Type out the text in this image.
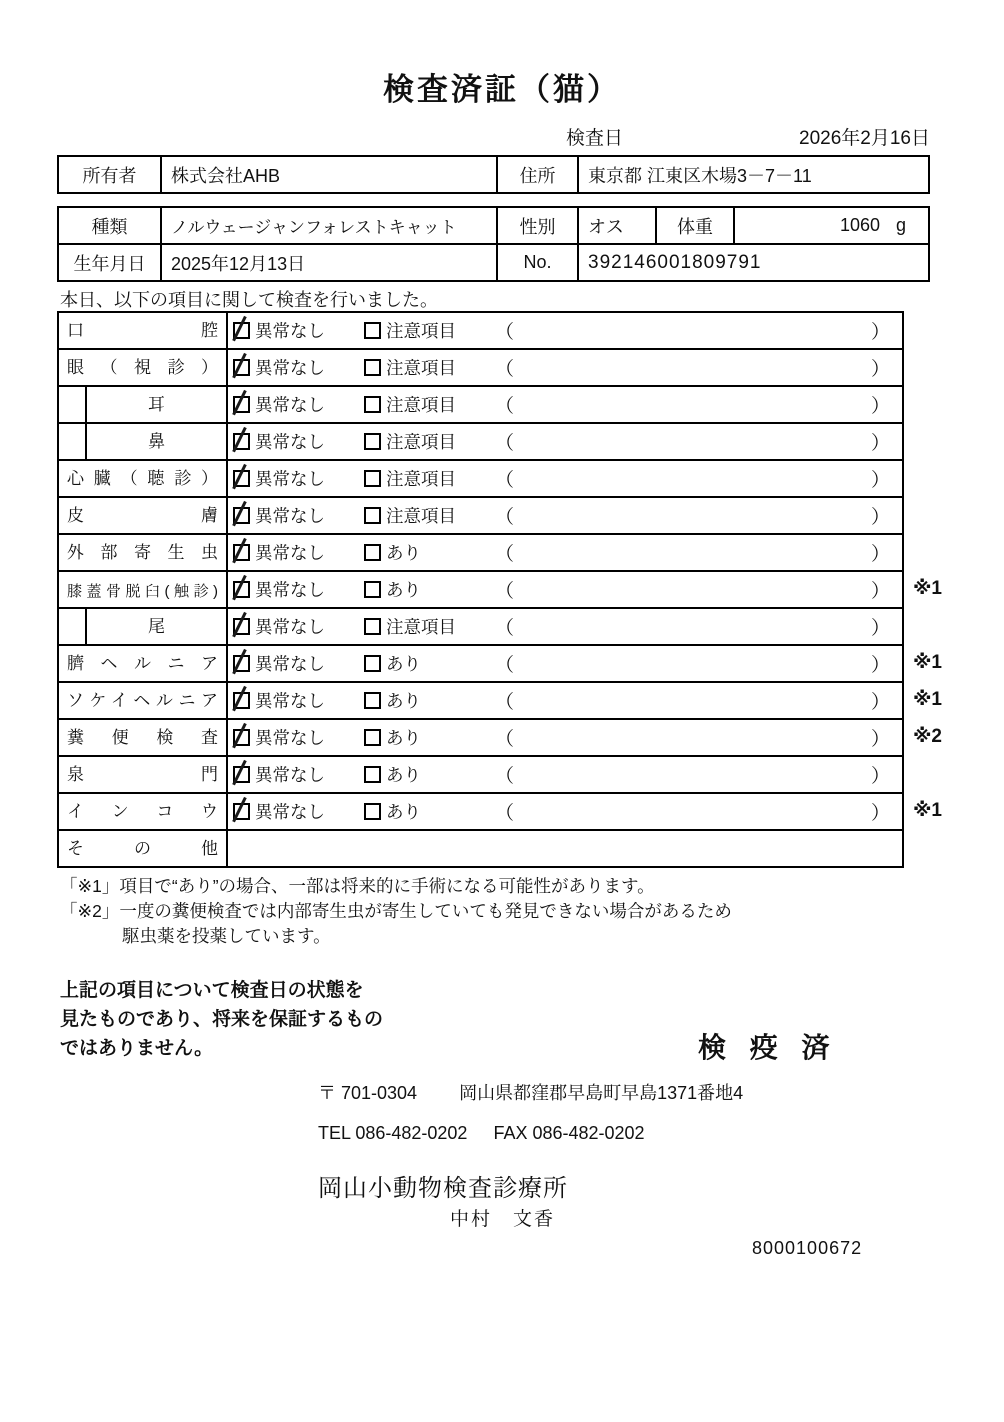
検査済証（猫）
検査日	2026年2月16日
所有者	株式会社AHB	住所	東京都 江東区木場3－7－11
種類	ノルウェージャンフォレストキャット	性別	オス	体重	1060 g
生年月日	2025年12月13日	No.	392146001809791
本日、以下の項目に関して検査を行いました。
口腔	異常なし	注意項目 （	）
眼（視診）	異常なし	注意項目 （	）
耳	異常なし	注意項目 （	）
鼻	異常なし	注意項目 （	）
心臓（聴診）	異常なし	注意項目 （	）
皮膚	異常なし	注意項目 （	）
外部寄生虫	異常なし	あり	（	）
膝蓋骨脱臼(触診)	異常なし	あり	（	） ※1
尾	異常なし	注意項目 （	）
臍ヘルニア	異常なし	あり	（	） ※1
ソケイヘルニア	異常なし	あり	（	） ※1
糞便検査	異常なし	あり	（	） ※2
泉門	異常なし	あり	（	）
インコウ	異常なし	あり	（	） ※1
その他
「※1」項目で“あり”の場合、一部は将来的に手術になる可能性があります。
「※2」一度の糞便検査では内部寄生虫が寄生していても発見できない場合があるため
駆虫薬を投薬しています。
上記の項目について検査日の状態を
見たものであり、将来を保証するもの
ではありません。	検 疫 済
〒 701-0304 岡山県都窪郡早島町早島1371番地4
TEL 086-482-0202 FAX 086-482-0202
岡山小動物検査診療所
中村　文香
8000100672
